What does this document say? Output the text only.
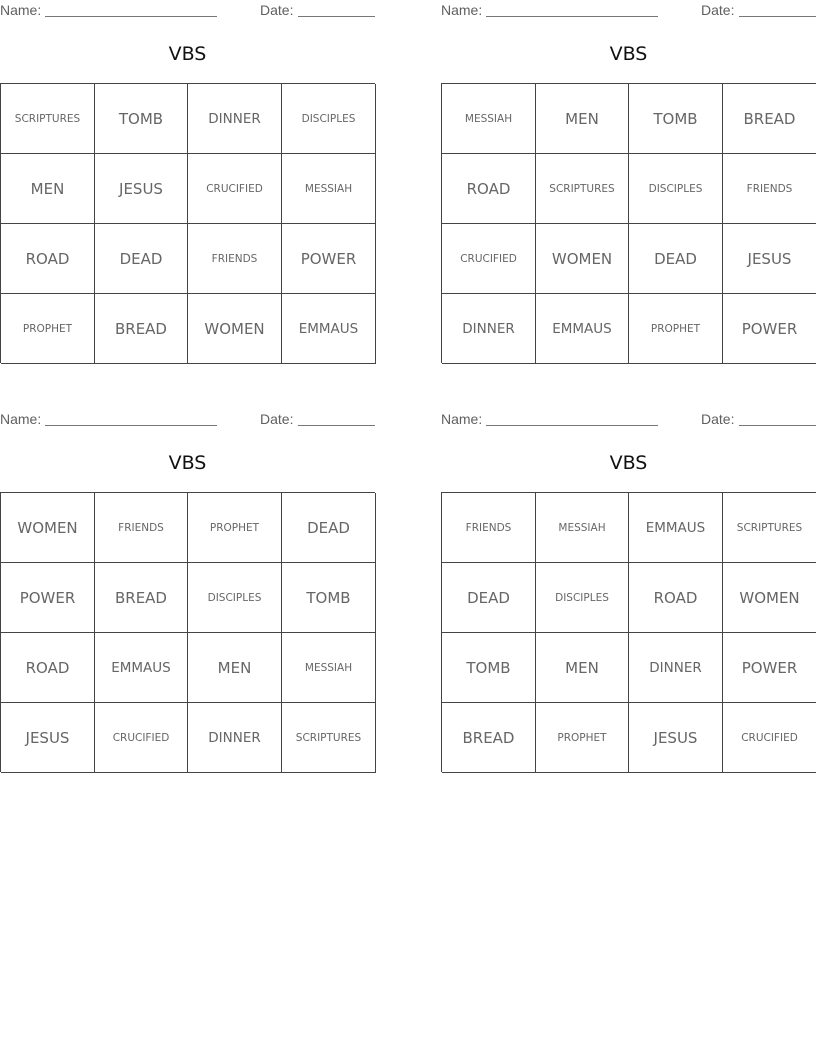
Name:	Date:
VBS
SCRIPTURES	TOMB	DINNER	DISCIPLES
MEN	JESUS	CRUCIFIED	MESSIAH
ROAD	DEAD	FRIENDS	POWER
PROPHET	BREAD	WOMEN	EMMAUS
Name:	Date:
VBS
MESSIAH	MEN	TOMB	BREAD
ROAD	SCRIPTURES	DISCIPLES	FRIENDS
CRUCIFIED	WOMEN	DEAD	JESUS
DINNER	EMMAUS	PROPHET	POWER
Name:	Date:
VBS
WOMEN	FRIENDS	PROPHET	DEAD
POWER	BREAD	DISCIPLES	TOMB
ROAD	EMMAUS	MEN	MESSIAH
JESUS	CRUCIFIED	DINNER	SCRIPTURES
Name:	Date:
VBS
FRIENDS	MESSIAH	EMMAUS	SCRIPTURES
DEAD	DISCIPLES	ROAD	WOMEN
TOMB	MEN	DINNER	POWER
BREAD	PROPHET	JESUS	CRUCIFIED
